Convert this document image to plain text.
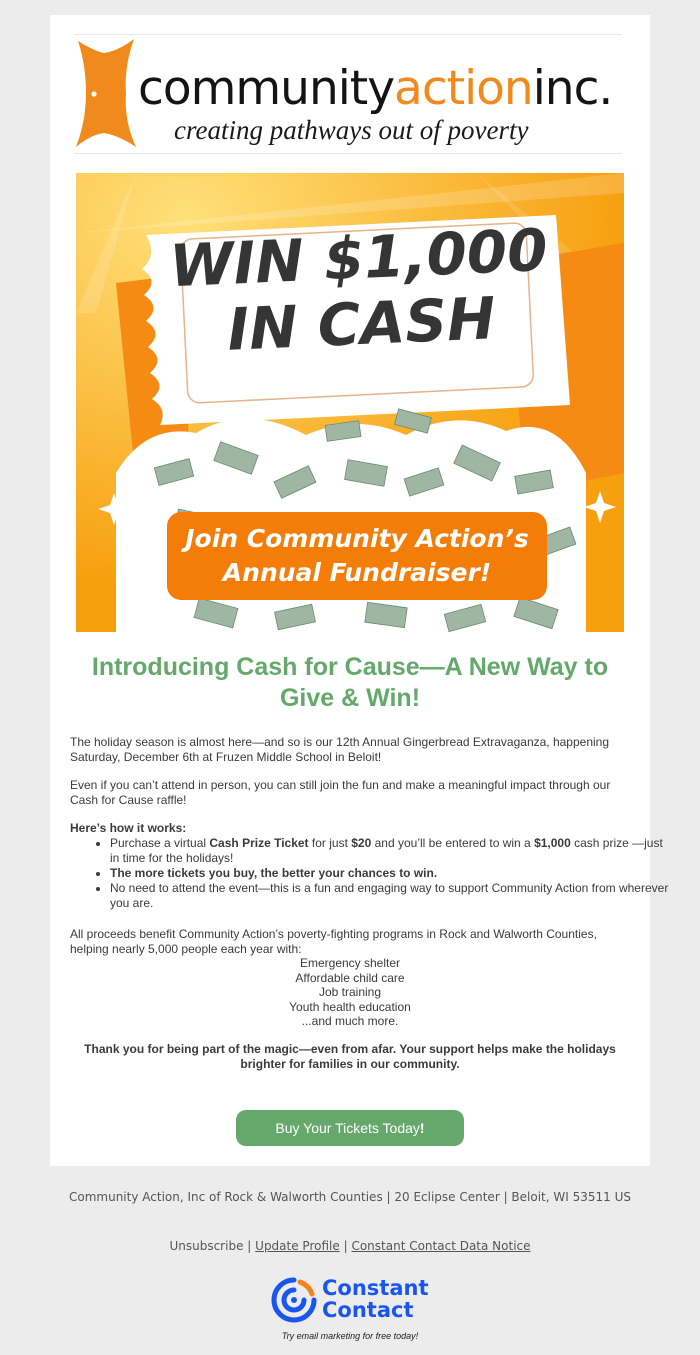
communityactioninc.
creating pathways out of poverty
WIN $1,000
IN CASH
Join Community Action’s
Annual Fundraiser!
Introducing Cash for Cause—A New Way to Give & Win!
The holiday season is almost here—and so is our 12th Annual Gingerbread Extravaganza, happening Saturday, December 6th at Fruzen Middle School in Beloit!
Even if you can’t attend in person, you can still join the fun and make a meaningful impact through our Cash for Cause raffle!
Here’s how it works:
• Purchase a virtual Cash Prize Ticket for just $20 and you’ll be entered to win a $1,000 cash prize —just in time for the holidays!
• The more tickets you buy, the better your chances to win.
• No need to attend the event—this is a fun and engaging way to support Community Action from wherever you are.
All proceeds benefit Community Action’s poverty-fighting programs in Rock and Walworth Counties, helping nearly 5,000 people each year with:
Emergency shelter
Affordable child care
Job training
Youth health education
...and much more.
Thank you for being part of the magic—even from afar. Your support helps make the holidays brighter for families in our community.
Buy Your Tickets Today !
Community Action, Inc of Rock & Walworth Counties | 20 Eclipse Center | Beloit, WI 53511 US
Unsubscribe | Update Profile | Constant Contact Data Notice
Constant
Contact
Try email marketing for free today!
